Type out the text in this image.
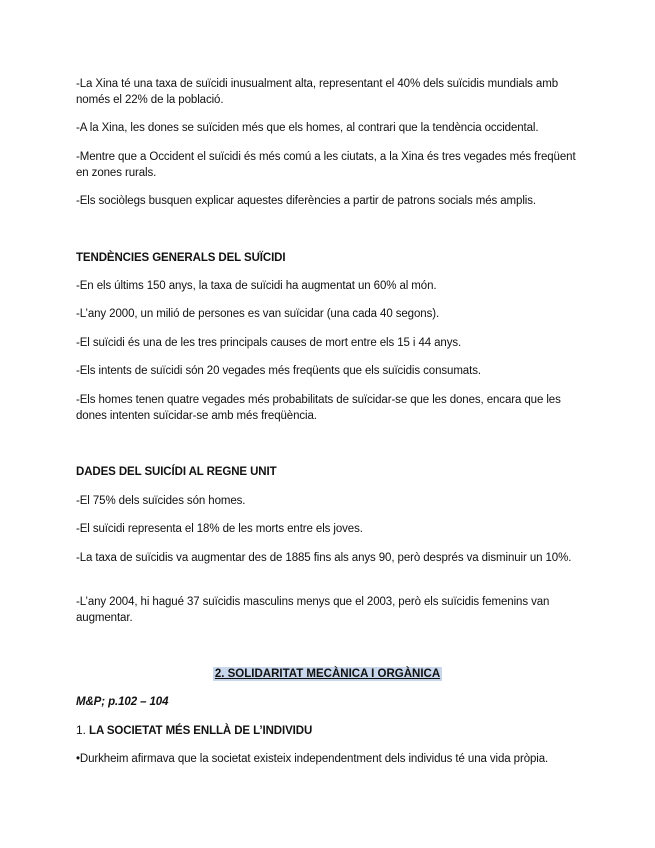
-La Xina té una taxa de suïcidi inusualment alta, representant el 40% dels suïcidis mundials amb només el 22% de la població.
-A la Xina, les dones se suïciden més que els homes, al contrari que la tendència occidental.
-Mentre que a Occident el suïcidi és més comú a les ciutats, a la Xina és tres vegades més freqüent en zones rurals.
-Els sociòlegs busquen explicar aquestes diferències a partir de patrons socials més amplis.
TENDÈNCIES GENERALS DEL SUÏCIDI
-En els últims 150 anys, la taxa de suïcidi ha augmentat un 60% al món.
-L’any 2000, un milió de persones es van suïcidar (una cada 40 segons).
-El suïcidi és una de les tres principals causes de mort entre els 15 i 44 anys.
-Els intents de suïcidi són 20 vegades més freqüents que els suïcidis consumats.
-Els homes tenen quatre vegades més probabilitats de suïcidar-se que les dones, encara que les dones intenten suïcidar-se amb més freqüència.
DADES DEL SUICÍDI AL REGNE UNIT
-El 75% dels suïcides són homes.
-El suïcidi representa el 18% de les morts entre els joves.
-La taxa de suïcidis va augmentar des de 1885 fins als anys 90, però després va disminuir un 10%.
-L’any 2004, hi hagué 37 suïcidis masculins menys que el 2003, però els suïcidis femenins van augmentar.
2. SOLIDARITAT MECÀNICA I ORGÀNICA
M&P; p.102 – 104
1. LA SOCIETAT MÉS ENLLÀ DE L’INDIVIDU
•Durkheim afirmava que la societat existeix independentment dels individus té una vida pròpia.
